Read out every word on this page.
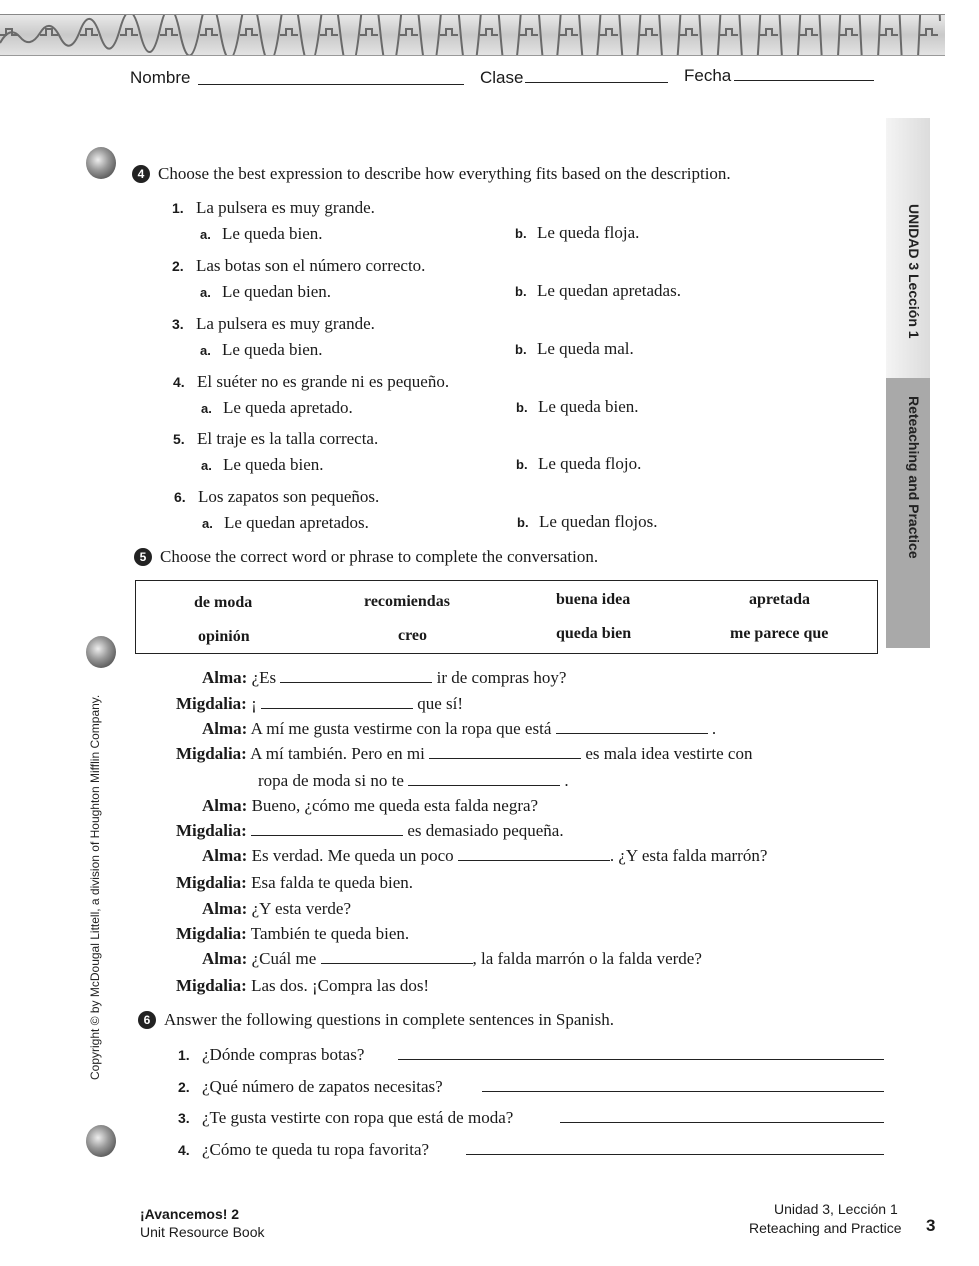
Nombre	Clase	Fecha
UNIDAD 3 Lección 1
Reteaching and Practice
Copyright © by McDougal Littell, a division of Houghton Mifflin Company.
4 Choose the best expression to describe how everything fits based on the description.
1. La pulsera es muy grande.
a. Le queda bien.	b. Le queda floja.
2. Las botas son el número correcto.
a. Le quedan bien.	b. Le quedan apretadas.
3. La pulsera es muy grande.
a. Le queda bien.	b. Le queda mal.
4. El suéter no es grande ni es pequeño.
a. Le queda apretado.	b. Le queda bien.
5. El traje es la talla correcta.
a. Le queda bien.	b. Le queda flojo.
6. Los zapatos son pequeños.
a. Le quedan apretados.	b. Le quedan flojos.
5 Choose the correct word or phrase to complete the conversation.
de moda	recomiendas	buena idea	apretada
opinión	creo	queda bien	me parece que
Alma: ¿Es	ir de compras hoy?
Migdalia: ¡	que sí!
Alma: A mí me gusta vestirme con la ropa que está	.
Migdalia: A mí también. Pero en mi	es mala idea vestirte con
ropa de moda si no te	.
Alma: Bueno, ¿cómo me queda esta falda negra?
Migdalia:	es demasiado pequeña.
Alma: Es verdad. Me queda un poco	. ¿Y esta falda marrón?
Migdalia: Esa falda te queda bien.
Alma: ¿Y esta verde?
Migdalia: También te queda bien.
Alma: ¿Cuál me	, la falda marrón o la falda verde?
Migdalia: Las dos. ¡Compra las dos!
6 Answer the following questions in complete sentences in Spanish.
1. ¿Dónde compras botas?
2. ¿Qué número de zapatos necesitas?
3. ¿Te gusta vestirte con ropa que está de moda?
4. ¿Cómo te queda tu ropa favorita?
¡Avancemos! 2
Unit Resource Book
Unidad 3, Lección 1
Reteaching and Practice 3
